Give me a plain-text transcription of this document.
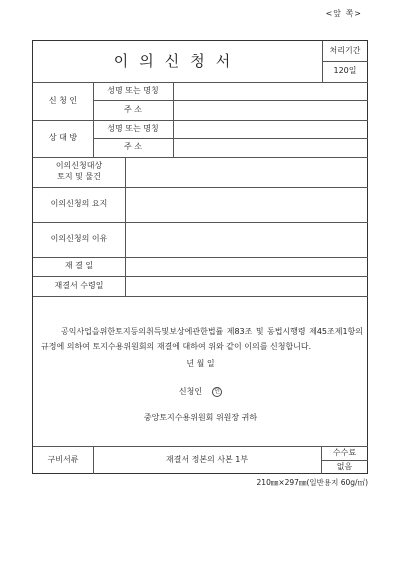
<앞 쪽>
이의신청서
처리기간
120일
신 청 인
성명 또는 명칭
주 소
상 대 방
성명 또는 명칭
주 소
이의신청대상
토지 및 물건
이의신청의 요지
이의신청의 이유
재 결 일
재결서 수령일
공익사업을위한토지등의취득및보상에관한법률 제83조 및 동법시행령 제45조제1항의 규정에 의하여 토지수용위원회의 재결에 대하여 위와 같이 이의를 신청합니다.
년 월 일
신청인	인
중앙토지수용위원회 위원장 귀하
구비서류	재결서 정본의 사본 1부
수수료
없음
210㎜×297㎜(일반용지 60g/㎡)
